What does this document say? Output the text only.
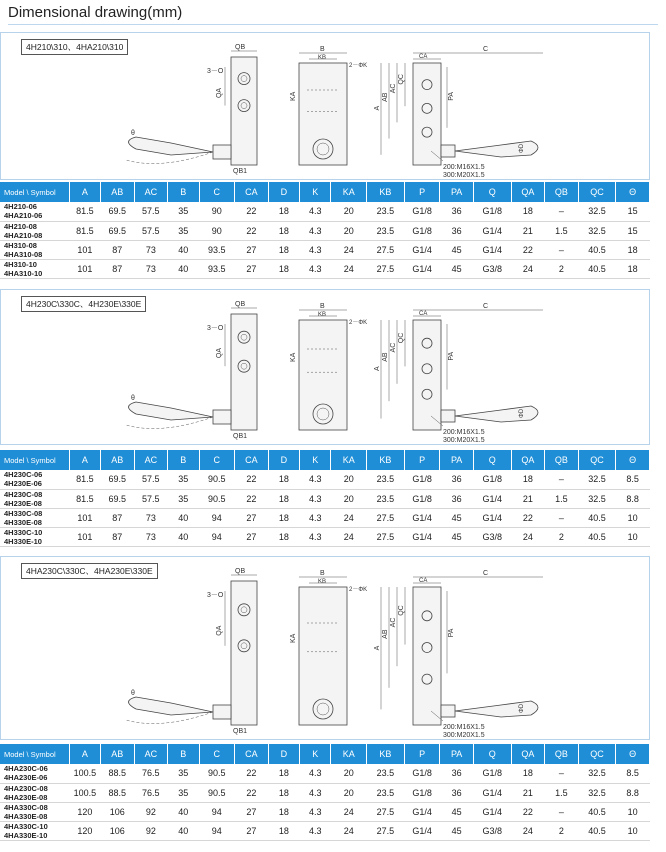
Dimensional drawing(mm)
QB
3－O
QA
θ
QB1
B
KB
2－ΦK
KA
C
CA
QC
AC
AB
A
PA
ΦD
200:M16X1.5
300:M20X1.5
4H210\310、4HA210\310
Model \ Symbol	A	AB	AC	B	C	CA	D	K	KA	KB	P	PA	Q	QA	QB	QC	Θ

4H210-06
4HA210-06	81.5	69.5	57.5	35	90	22	18	4.3	20	23.5	G1/8	36	G1/8	18	–	32.5	15

4H210-08
4HA210-08	81.5	69.5	57.5	35	90	22	18	4.3	20	23.5	G1/8	36	G1/4	21	1.5	32.5	15

4H310-08
4HA310-08	101	87	73	40	93.5	27	18	4.3	24	27.5	G1/4	45	G1/4	22	–	40.5	18

4H310-10
4HA310-10	101	87	73	40	93.5	27	18	4.3	24	27.5	G1/4	45	G3/8	24	2	40.5	18
QB
3－O
QA
θ
QB1
B
KB
2－ΦK
KA
C
CA
QC
AC
AB
A
PA
ΦD
200:M16X1.5
300:M20X1.5
4H230C\330C、4H230E\330E
Model \ Symbol	A	AB	AC	B	C	CA	D	K	KA	KB	P	PA	Q	QA	QB	QC	Θ

4H230C-06
4H230E-06	81.5	69.5	57.5	35	90.5	22	18	4.3	20	23.5	G1/8	36	G1/8	18	–	32.5	8.5

4H230C-08
4H230E-08	81.5	69.5	57.5	35	90.5	22	18	4.3	20	23.5	G1/8	36	G1/4	21	1.5	32.5	8.8

4H330C-08
4H330E-08	101	87	73	40	94	27	18	4.3	24	27.5	G1/4	45	G1/4	22	–	40.5	10

4H330C-10
4H330E-10	101	87	73	40	94	27	18	4.3	24	27.5	G1/4	45	G3/8	24	2	40.5	10
QB
3－O
QA
θ
QB1
B
KB
2－ΦK
KA
C
CA
QC
AC
AB
A
PA
ΦD
200:M16X1.5
300:M20X1.5
4HA230C\330C、4HA230E\330E
Model \ Symbol	A	AB	AC	B	C	CA	D	K	KA	KB	P	PA	Q	QA	QB	QC	Θ

4HA230C-06
4HA230E-06	100.5	88.5	76.5	35	90.5	22	18	4.3	20	23.5	G1/8	36	G1/8	18	–	32.5	8.5

4HA230C-08
4HA230E-08	100.5	88.5	76.5	35	90.5	22	18	4.3	20	23.5	G1/8	36	G1/4	21	1.5	32.5	8.8

4HA330C-08
4HA330E-08	120	106	92	40	94	27	18	4.3	24	27.5	G1/4	45	G1/4	22	–	40.5	10

4HA330C-10
4HA330E-10	120	106	92	40	94	27	18	4.3	24	27.5	G1/4	45	G3/8	24	2	40.5	10
